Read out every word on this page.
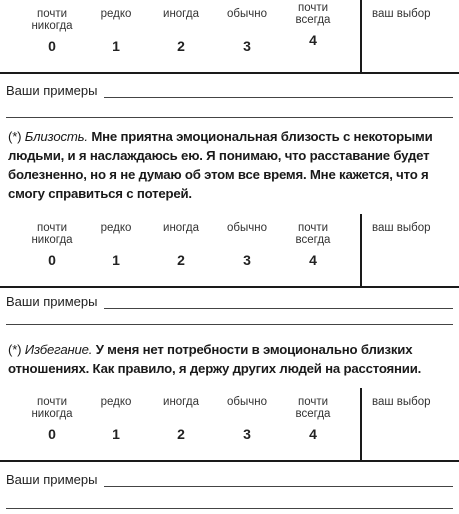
почти никогда
0
редко
1
иногда
2
обычно
3
почти всегда
4
ваш выбор
Ваши примеры
(*) Близость. Мне приятна эмоциональная близость с некоторыми людьми, и я наслаждаюсь ею. Я понимаю, что расставание будет болезненно, но я не думаю об этом все время. Мне кажется, что я смогу справиться с потерей.
почти никогда
0
редко
1
иногда
2
обычно
3
почти всегда
4
ваш выбор
Ваши примеры
(*) Избегание. У меня нет потребности в эмоционально близких отношениях. Как правило, я держу других людей на расстоянии.
почти никогда
0
редко
1
иногда
2
обычно
3
почти всегда
4
ваш выбор
Ваши примеры
